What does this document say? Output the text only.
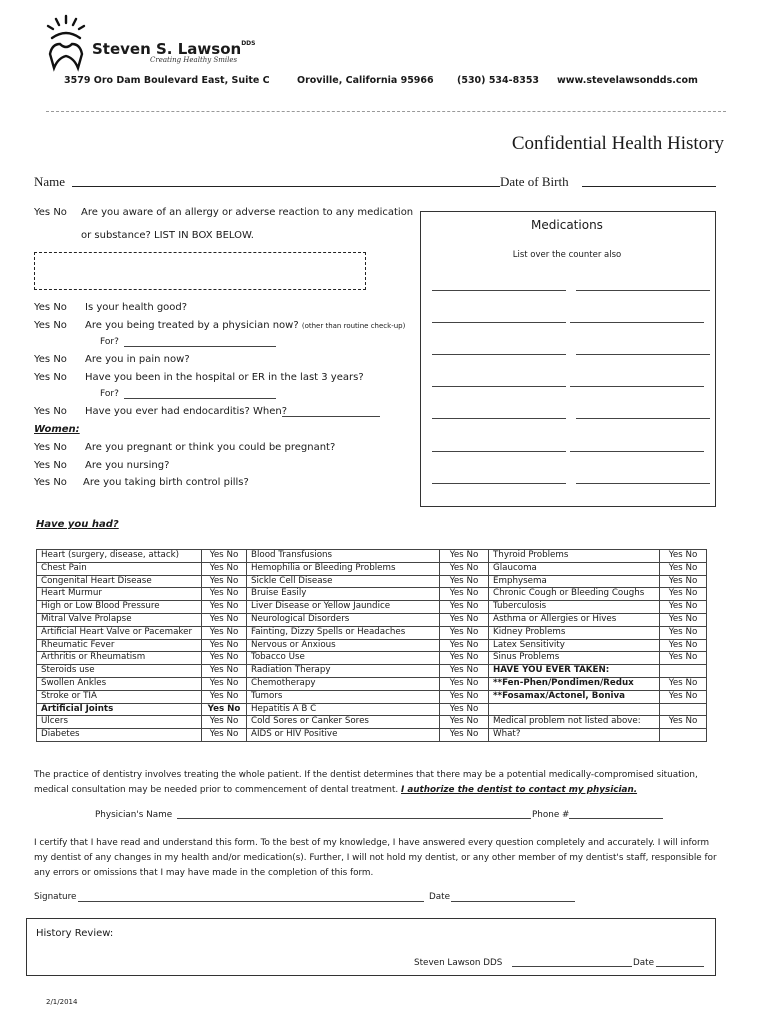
Steven S. Lawson$^{DDS}$
Creating Healthy Smiles
3579 Oro Dam Boulevard East, Suite C	Oroville, California 95966 (530) 534-8353 www.stevelawsondds.com
Confidential Health History
Name	Date of Birth
Yes No Are you aware of an allergy or adverse reaction to any medication
or substance? LIST IN BOX BELOW.
Medications
List over the counter also
Yes No Is your health good?
Yes No Are you being treated by a physician now? (other than routine check-up)
For?
Yes No Are you in pain now?
Yes No Have you been in the hospital or ER in the last 3 years?
For?
Yes No Have you ever had endocarditis? When?
Women:
Yes No Are you pregnant or think you could be pregnant?
Yes No Are you nursing?
Yes No Are you taking birth control pills?
Have you had?
Heart (surgery, disease, attack)	Yes No	Blood Transfusions	Yes No	Thyroid Problems	Yes No
Chest Pain	Yes No	Hemophilia or Bleeding Problems	Yes No	Glaucoma	Yes No
Congenital Heart Disease	Yes No	Sickle Cell Disease	Yes No	Emphysema	Yes No
Heart Murmur	Yes No	Bruise Easily	Yes No	Chronic Cough or Bleeding Coughs	Yes No
High or Low Blood Pressure	Yes No	Liver Disease or Yellow Jaundice	Yes No	Tuberculosis	Yes No
Mitral Valve Prolapse	Yes No	Neurological Disorders	Yes No	Asthma or Allergies or Hives	Yes No
Artificial Heart Valve or Pacemaker	Yes No	Fainting, Dizzy Spells or Headaches	Yes No	Kidney Problems	Yes No
Rheumatic Fever	Yes No	Nervous or Anxious	Yes No	Latex Sensitivity	Yes No
Arthritis or Rheumatism	Yes No	Tobacco Use	Yes No	Sinus Problems	Yes No
Steroids use	Yes No	Radiation Therapy	Yes No	HAVE YOU EVER TAKEN:	
Swollen Ankles	Yes No	Chemotherapy	Yes No	**Fen-Phen/Pondimen/Redux	Yes No
Stroke or TIA	Yes No	Tumors	Yes No	**Fosamax/Actonel, Boniva	Yes No
Artificial Joints	Yes No	Hepatitis A B C	Yes No		
Ulcers	Yes No	Cold Sores or Canker Sores	Yes No	Medical problem not listed above:	Yes No
Diabetes	Yes No	AIDS or HIV Positive	Yes No	What?	
The practice of dentistry involves treating the whole patient. If the dentist determines that there may be a potential medically-compromised situation, medical consultation may be needed prior to commencement of dental treatment. I authorize the dentist to contact my physician.
Physician's Name	Phone #
I certify that I have read and understand this form. To the best of my knowledge, I have answered every question completely and accurately. I will inform my dentist of any changes in my health and/or medication(s). Further, I will not hold my dentist, or any other member of my dentist's staff, responsible for any errors or omissions that I may have made in the completion of this form.
Signature	Date
History Review:
Steven Lawson DDS	Date
2/1/2014
